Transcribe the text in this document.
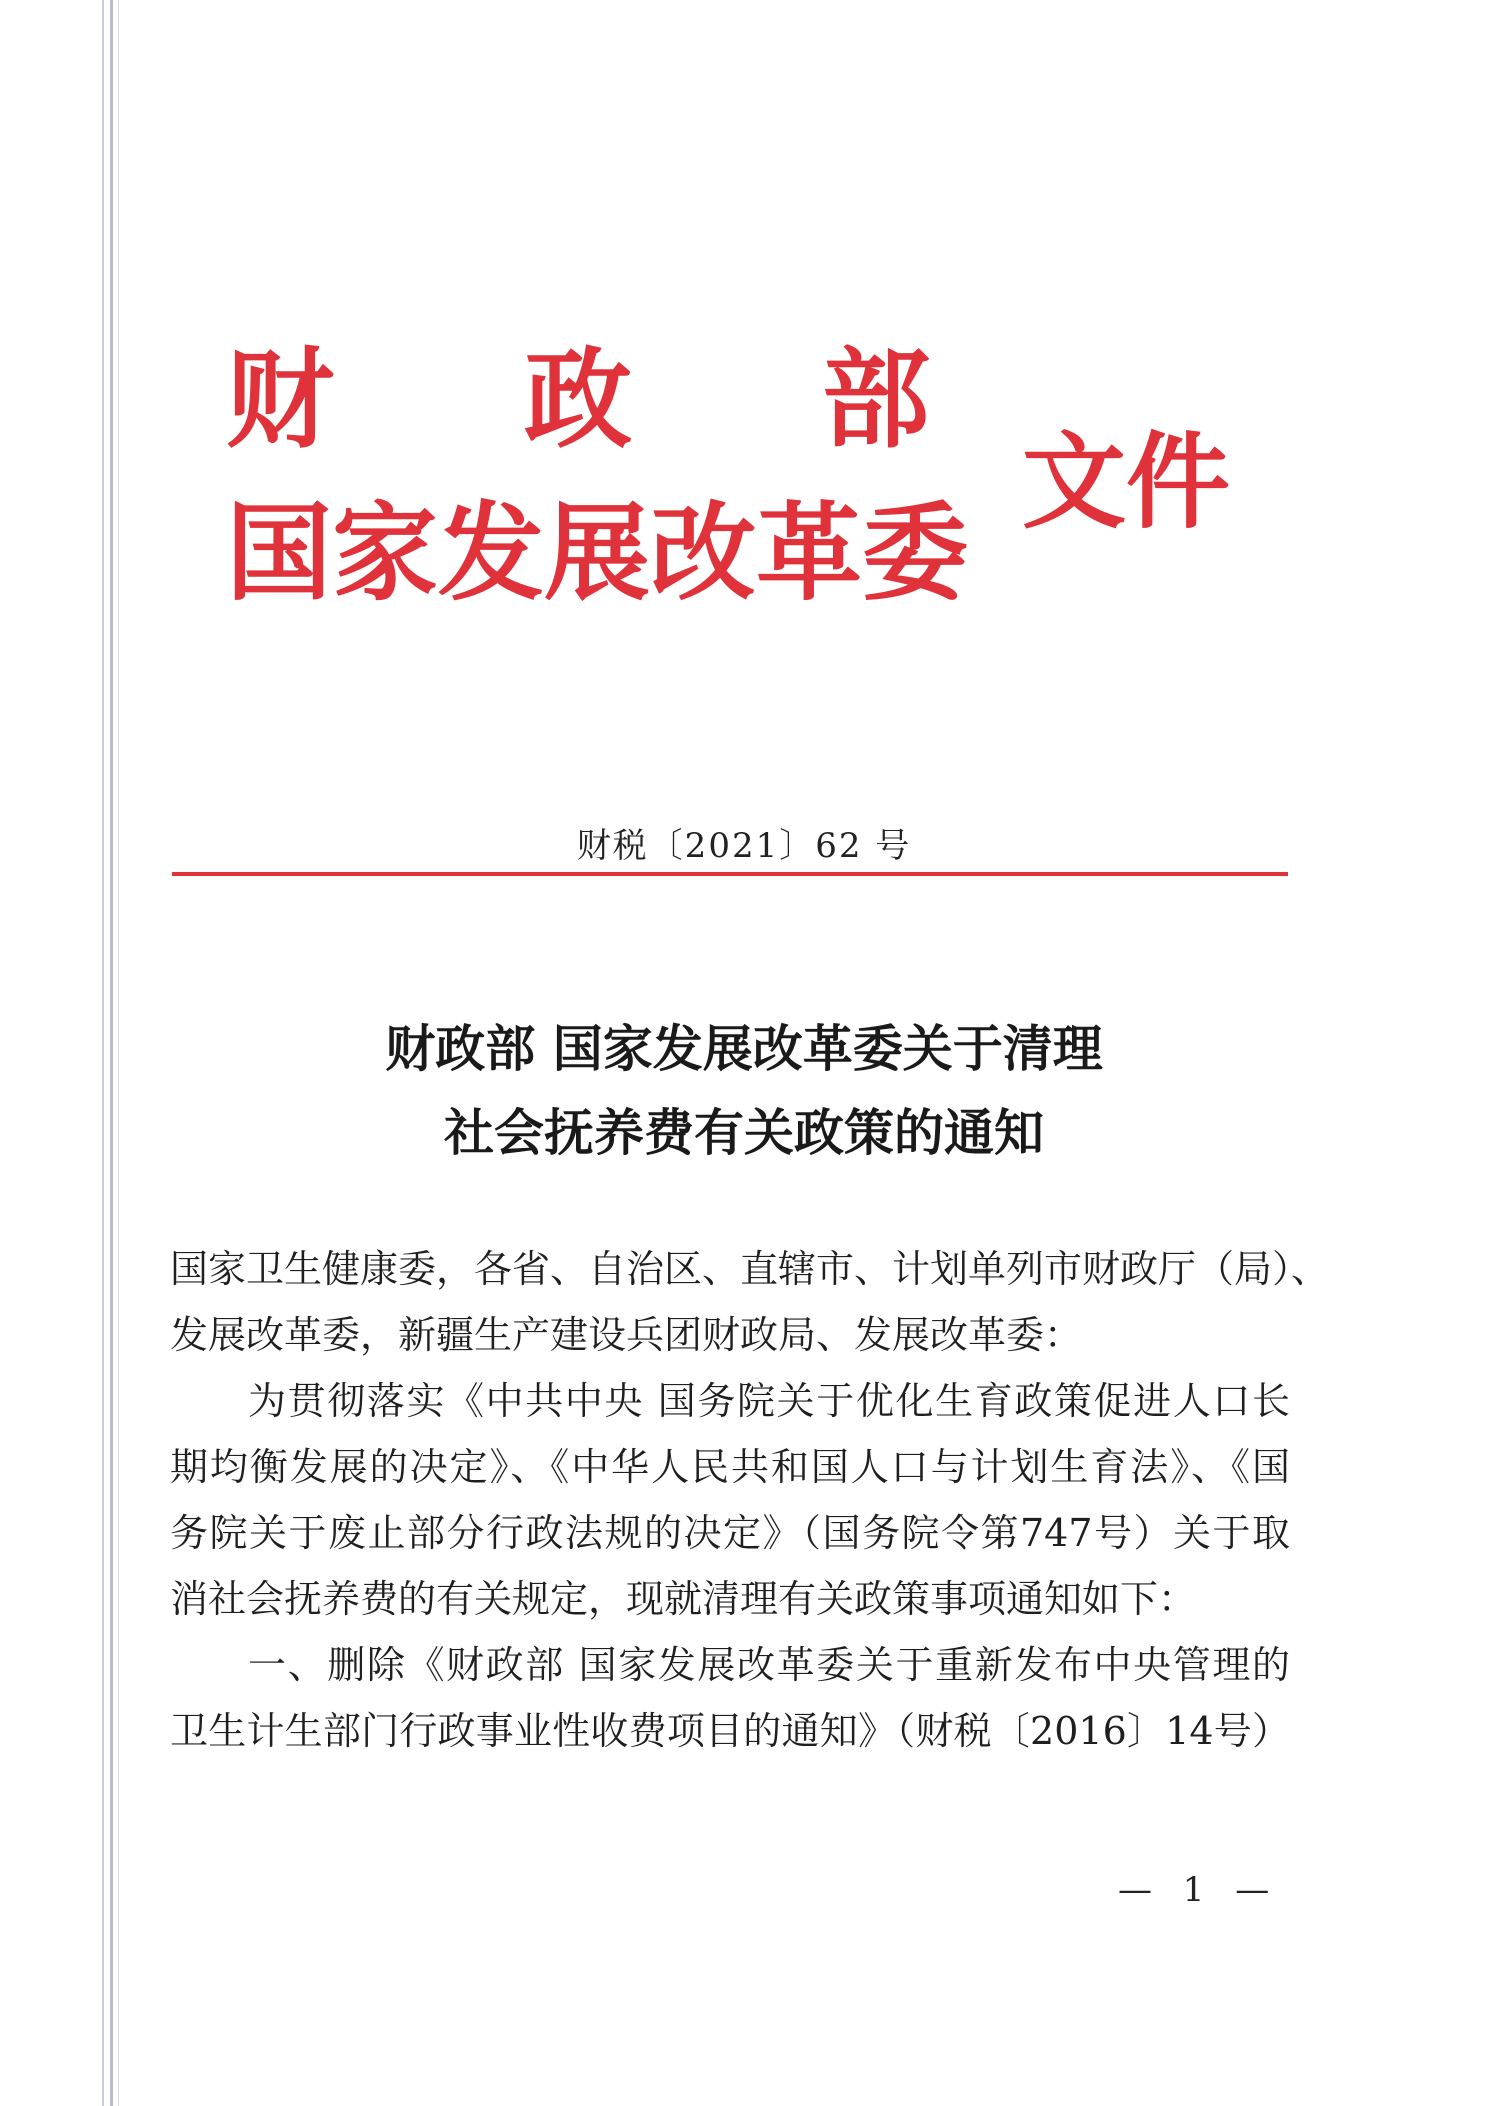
财政部
国家发展改革委
文件
财税〔2021〕62 号
财政部 国家发展改革委关于清理
社会抚养费有关政策的通知
国家卫生健康委，各省、自治区、直辖市、计划单列市财政厅（局）、
发展改革委，新疆生产建设兵团财政局、发展改革委：
为贯彻落实《中共中央 国务院关于优化生育政策促进人口长
期均衡发展的决定》、《中华人民共和国人口与计划生育法》、《国
务院关于废止部分行政法规的决定》（国务院令第747号）关于取
消社会抚养费的有关规定，现就清理有关政策事项通知如下：
一、删除《财政部 国家发展改革委关于重新发布中央管理的
卫生计生部门行政事业性收费项目的通知》（财税〔2016〕14号）
— 1 —
